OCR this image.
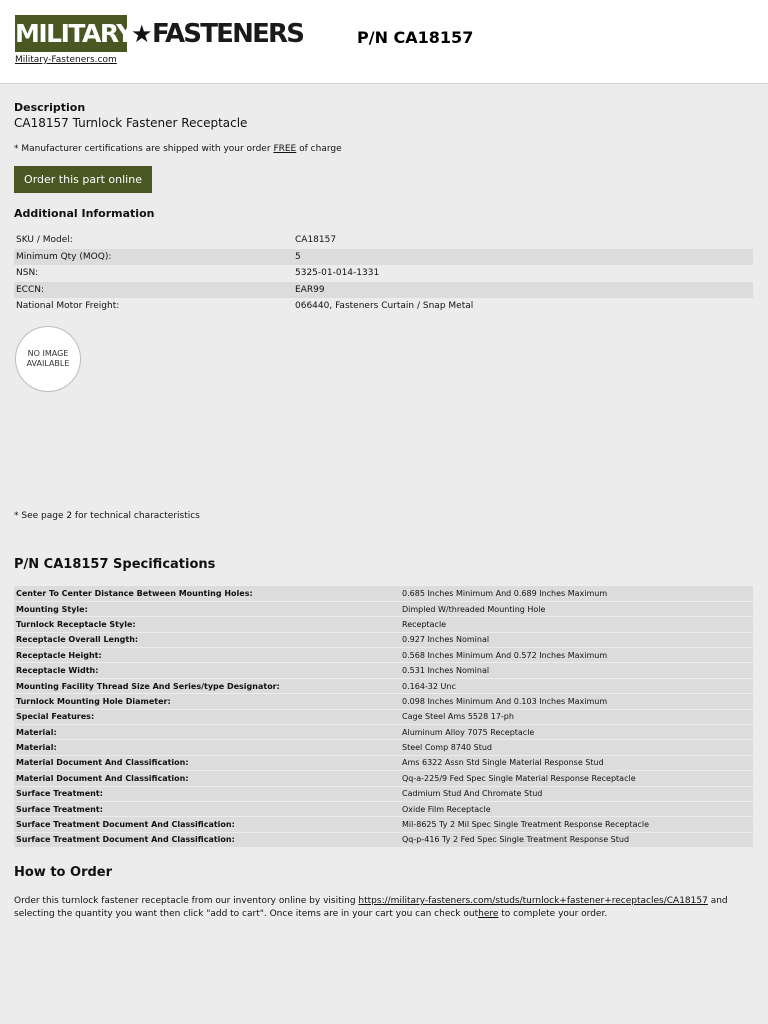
MILITARY
★ FASTENERS
Military-Fasteners.com
P/N CA18157
Description
CA18157 Turnlock Fastener Receptacle
* Manufacturer certifications are shipped with your order FREE of charge
Order this part online
Additional Information
SKU / Model:	CA18157
Minimum Qty (MOQ):	5
NSN:	5325-01-014-1331
ECCN:	EAR99
National Motor Freight:	066440, Fasteners Curtain / Snap Metal
NO IMAGE
AVAILABLE
* See page 2 for technical characteristics
P/N CA18157 Specifications
Center To Center Distance Between Mounting Holes:	0.685 Inches Minimum And 0.689 Inches Maximum
Mounting Style:	Dimpled W/threaded Mounting Hole
Turnlock Receptacle Style:	Receptacle
Receptacle Overall Length:	0.927 Inches Nominal
Receptacle Height:	0.568 Inches Minimum And 0.572 Inches Maximum
Receptacle Width:	0.531 Inches Nominal
Mounting Facility Thread Size And Series/type Designator:	0.164-32 Unc
Turnlock Mounting Hole Diameter:	0.098 Inches Minimum And 0.103 Inches Maximum
Special Features:	Cage Steel Ams 5528 17-ph
Material:	Aluminum Alloy 7075 Receptacle
Material:	Steel Comp 8740 Stud
Material Document And Classification:	Ams 6322 Assn Std Single Material Response Stud
Material Document And Classification:	Qq-a-225/9 Fed Spec Single Material Response Receptacle
Surface Treatment:	Cadmium Stud And Chromate Stud
Surface Treatment:	Oxide Film Receptacle
Surface Treatment Document And Classification:	Mil-8625 Ty 2 Mil Spec Single Treatment Response Receptacle
Surface Treatment Document And Classification:	Qq-p-416 Ty 2 Fed Spec Single Treatment Response Stud
How to Order
Order this turnlock fastener receptacle from our inventory online by visiting https://military-fasteners.com/studs/turnlock+fastener+receptacles/CA18157 and selecting the quantity you want then click "add to cart". Once items are in your cart you can check outhere to complete your order.
